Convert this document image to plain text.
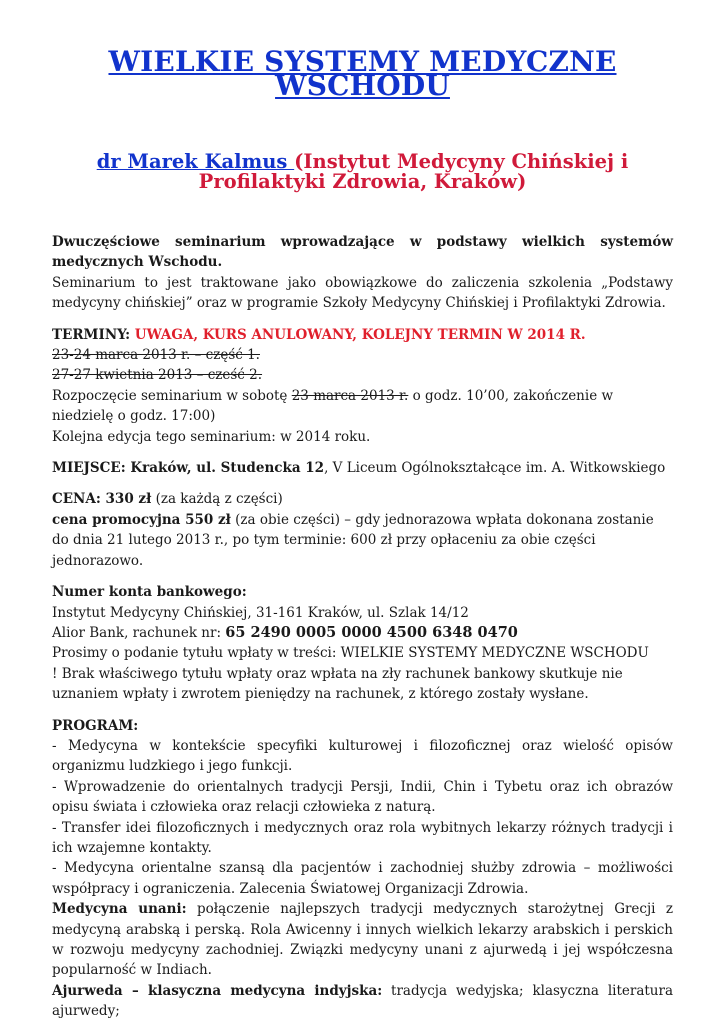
WIELKIE SYSTEMY MEDYCZNE WSCHODU
dr Marek Kalmus (Instytut Medycyny Chińskiej i Profilaktyki Zdrowia, Kraków)

Dwuczęściowe seminarium wprowadzające w podstawy wielkich systemów medycznych Wschodu.

Seminarium to jest traktowane jako obowiązkowe do zaliczenia szkolenia „Podstawy medycyny chińskiej” oraz w programie Szkoły Medycyny Chińskiej i Profilaktyki Zdrowia.

TERMINY: UWAGA, KURS ANULOWANY, KOLEJNY TERMIN W 2014 R.

23-24 marca 2013 r. – część 1.

27-27 kwietnia 2013 – cześć 2.

Rozpoczęcie seminarium w sobotę 23 marca 2013 r. o godz. 10’00, zakończenie w niedzielę o godz. 17:00)

Kolejna edycja tego seminarium: w 2014 roku.

MIEJSCE: Kraków, ul. Studencka 12, V Liceum Ogólnokształcące im. A. Witkowskiego

CENA: 330 zł (za każdą z części)

cena promocyjna 550 zł (za obie części) – gdy jednorazowa wpłata dokonana zostanie do dnia 21 lutego 2013 r., po tym terminie: 600 zł przy opłaceniu za obie części jednorazowo.

Numer konta bankowego:

Instytut Medycyny Chińskiej, 31-161 Kraków, ul. Szlak 14/12

Alior Bank, rachunek nr: 65 2490 0005 0000 4500 6348 0470

Prosimy o podanie tytułu wpłaty w treści: WIELKIE SYSTEMY MEDYCZNE WSCHODU

! Brak właściwego tytułu wpłaty oraz wpłata na zły rachunek bankowy skutkuje nie uznaniem wpłaty i zwrotem pieniędzy na rachunek, z którego zostały wysłane.

PROGRAM:

- Medycyna w kontekście specyfiki kulturowej i filozoficznej oraz wielość opisów organizmu ludzkiego i jego funkcji.

- Wprowadzenie do orientalnych tradycji Persji, Indii, Chin i Tybetu oraz ich obrazów opisu świata i człowieka oraz relacji człowieka z naturą.

- Transfer idei filozoficznych i medycznych oraz rola wybitnych lekarzy różnych tradycji i ich wzajemne kontakty.

- Medycyna orientalne szansą dla pacjentów i zachodniej służby zdrowia – możliwości współpracy i ograniczenia. Zalecenia Światowej Organizacji Zdrowia.

Medycyna unani: połączenie najlepszych tradycji medycznych starożytnej Grecji z medycyną arabską i perską. Rola Awicenny i innych wielkich lekarzy arabskich i perskich w rozwoju medycyny zachodniej. Związki medycyny unani z ajurwedą i jej współczesna popularność w Indiach.

Ajurweda – klasyczna medycyna indyjska: tradycja wedyjska; klasyczna literatura ajurwedy;
